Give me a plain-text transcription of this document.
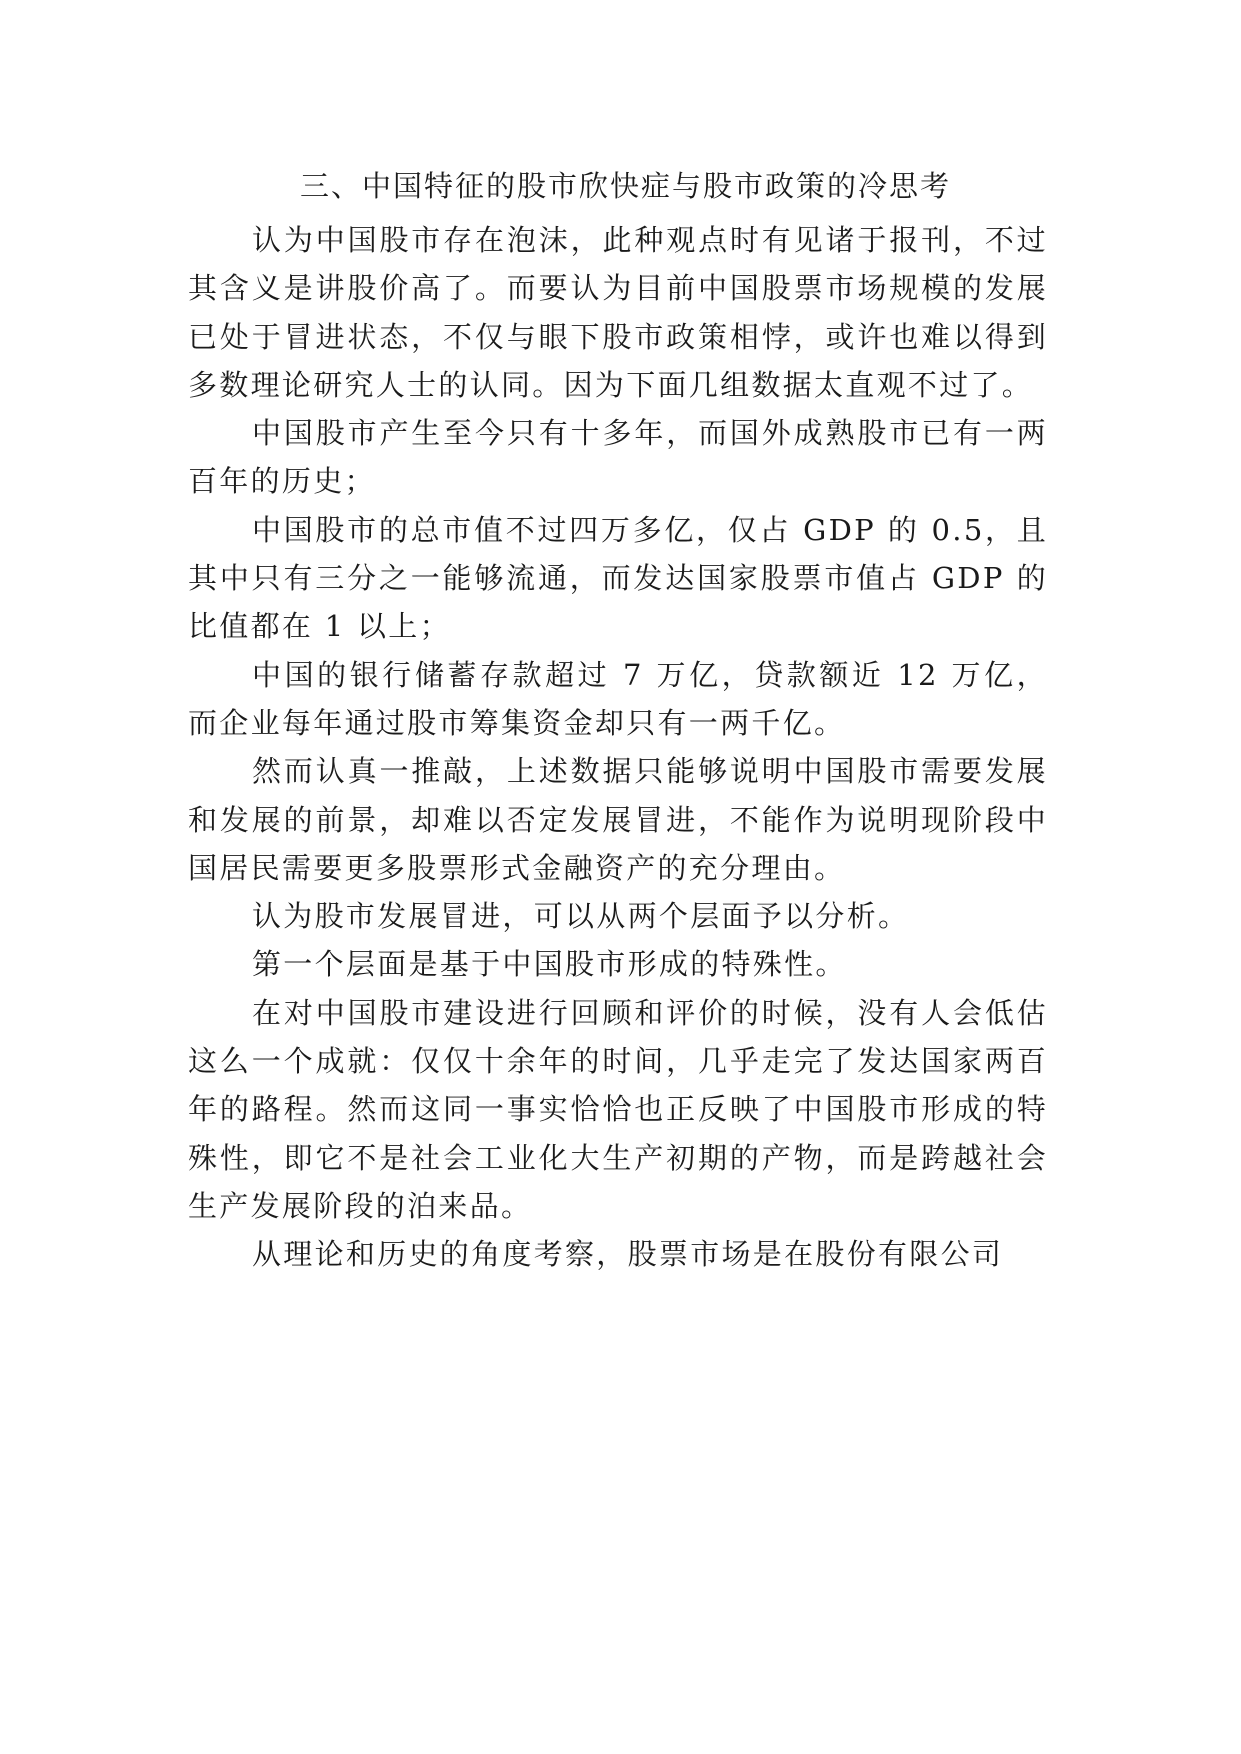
三、中国特征的股市欣快症与股市政策的冷思考

认为中国股市存在泡沫，此种观点时有见诸于报刊，不过其含义是讲股价高了。而要认为目前中国股票市场规模的发展已处于冒进状态，不仅与眼下股市政策相悖，或许也难以得到多数理论研究人士的认同。因为下面几组数据太直观不过了。

中国股市产生至今只有十多年，而国外成熟股市已有一两百年的历史；

中国股市的总市值不过四万多亿，仅占 GDP 的 0.5，且其中只有三分之一能够流通，而发达国家股票市值占 GDP 的比值都在 1 以上；

中国的银行储蓄存款超过 7 万亿，贷款额近 12 万亿，而企业每年通过股市筹集资金却只有一两千亿。

然而认真一推敲，上述数据只能够说明中国股市需要发展和发展的前景，却难以否定发展冒进，不能作为说明现阶段中国居民需要更多股票形式金融资产的充分理由。

认为股市发展冒进，可以从两个层面予以分析。

第一个层面是基于中国股市形成的特殊性。

在对中国股市建设进行回顾和评价的时候，没有人会低估这么一个成就：仅仅十余年的时间，几乎走完了发达国家两百年的路程。然而这同一事实恰恰也正反映了中国股市形成的特殊性，即它不是社会工业化大生产初期的产物，而是跨越社会生产发展阶段的泊来品。

从理论和历史的角度考察，股票市场是在股份有限公司
